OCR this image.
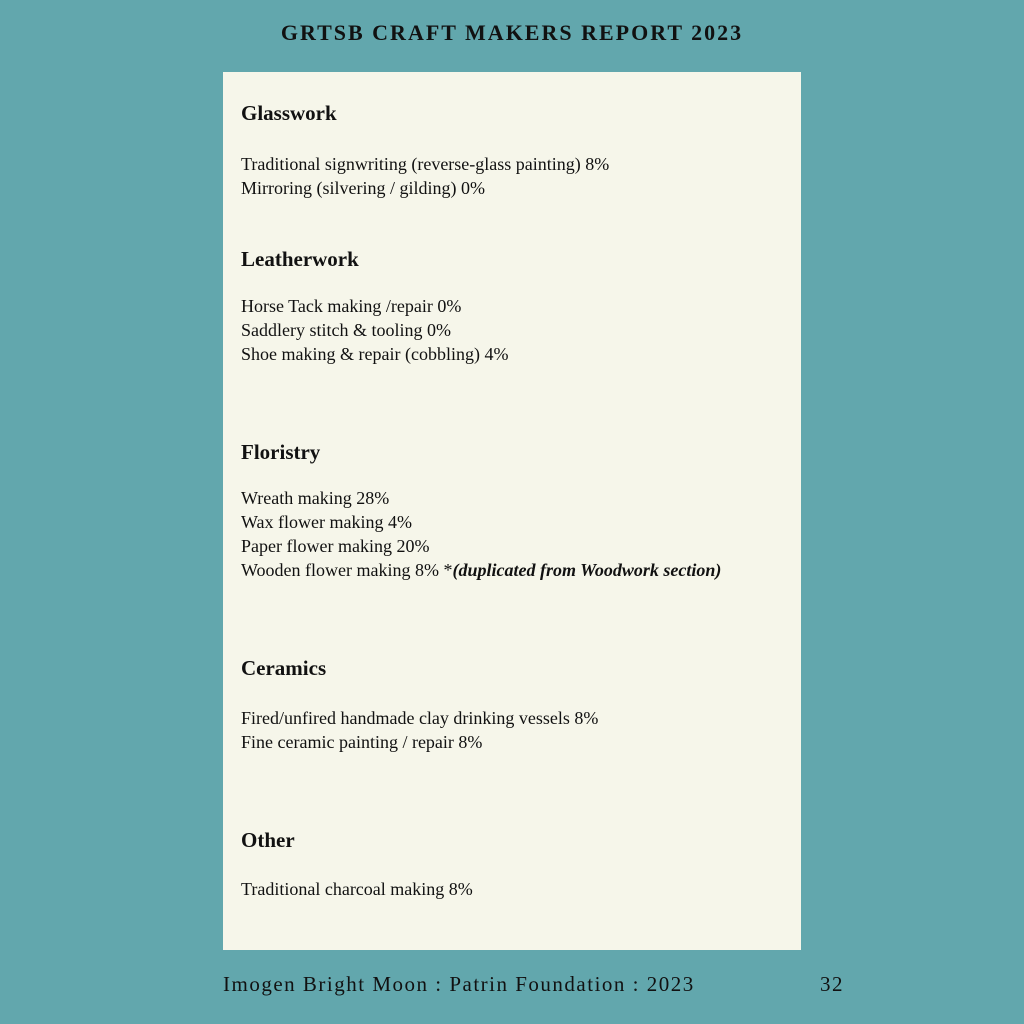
GRTSB CRAFT MAKERS REPORT 2023
Glasswork
Traditional signwriting (reverse-glass painting) 8%
Mirroring (silvering / gilding) 0%
Leatherwork
Horse Tack making /repair 0%
Saddlery stitch & tooling 0%
Shoe making & repair (cobbling) 4%
Floristry
Wreath making 28%
Wax flower making 4%
Paper flower making 20%
Wooden flower making 8% *(duplicated from Woodwork section)
Ceramics
Fired/unfired handmade clay drinking vessels 8%
Fine ceramic painting / repair 8%
Other
Traditional charcoal making 8%
Imogen Bright Moon : Patrin Foundation : 2023	32
